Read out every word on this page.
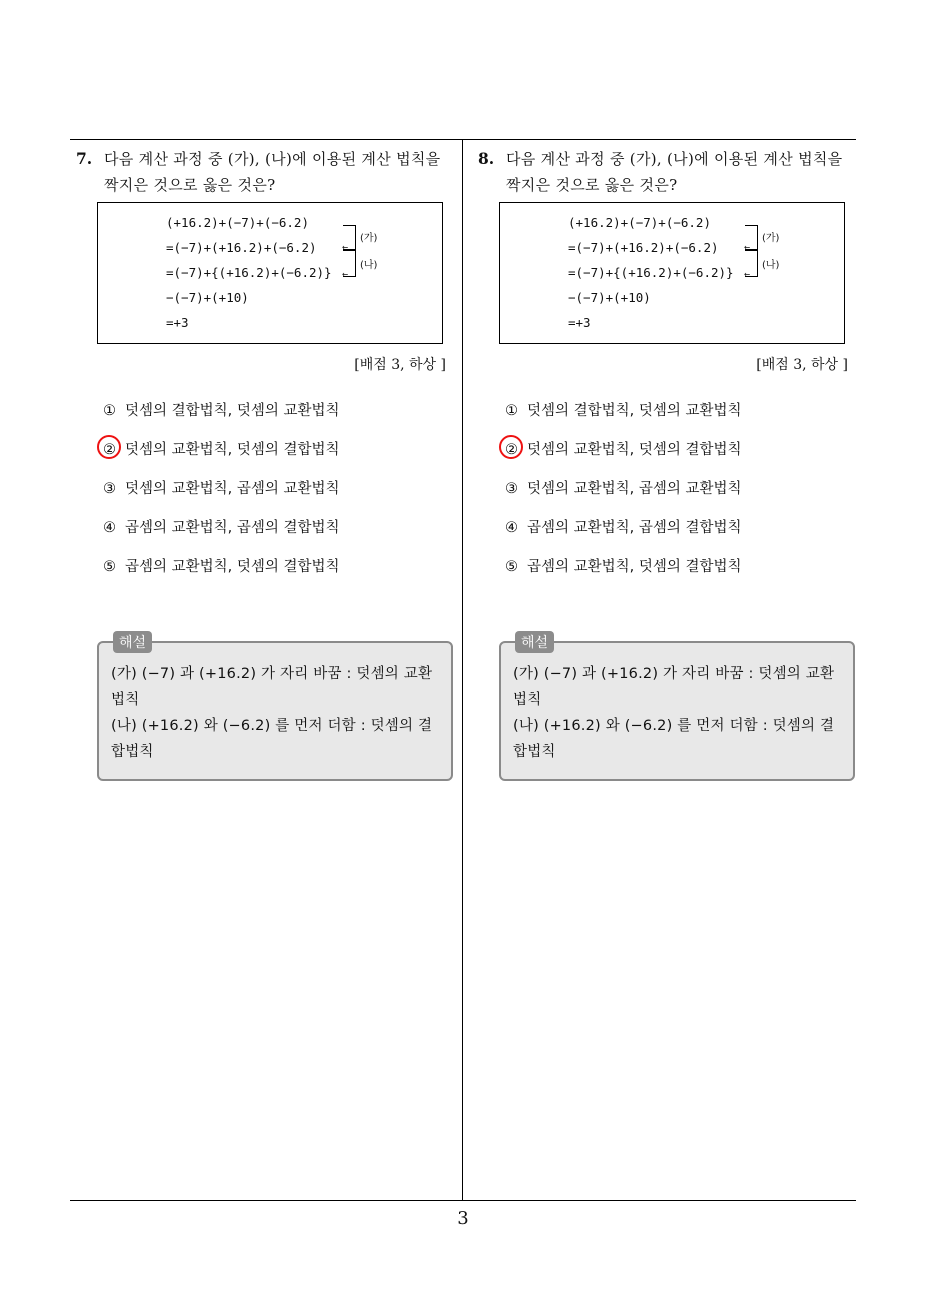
7. 다음 계산 과정 중 (가), (나)에 이용된 계산 법칙을
짝지은 것으로 옳은 것은?
(+16.2)+(−7)+(−6.2)
=(−7)+(+16.2)+(−6.2)
=(−7)+{(+16.2)+(−6.2)}
−(−7)+(+10)
=+3
←
←
(가)
(나)
[배점 3, 하상 ]
① 덧셈의 결합법칙, 덧셈의 교환법칙
② 덧셈의 교환법칙, 덧셈의 결합법칙
③ 덧셈의 교환법칙, 곱셈의 교환법칙
④ 곱셈의 교환법칙, 곱셈의 결합법칙
⑤ 곱셈의 교환법칙, 덧셈의 결합법칙
해설
(가) (−7) 과 (+16.2) 가 자리 바꿈 : 덧셈의 교환
법칙
(나) (+16.2) 와 (−6.2) 를 먼저 더함 : 덧셈의 결
합법칙
8. 다음 계산 과정 중 (가), (나)에 이용된 계산 법칙을
짝지은 것으로 옳은 것은?
(+16.2)+(−7)+(−6.2)
=(−7)+(+16.2)+(−6.2)
=(−7)+{(+16.2)+(−6.2)}
−(−7)+(+10)
=+3
←
←
(가)
(나)
[배점 3, 하상 ]
① 덧셈의 결합법칙, 덧셈의 교환법칙
② 덧셈의 교환법칙, 덧셈의 결합법칙
③ 덧셈의 교환법칙, 곱셈의 교환법칙
④ 곱셈의 교환법칙, 곱셈의 결합법칙
⑤ 곱셈의 교환법칙, 덧셈의 결합법칙
해설
(가) (−7) 과 (+16.2) 가 자리 바꿈 : 덧셈의 교환
법칙
(나) (+16.2) 와 (−6.2) 를 먼저 더함 : 덧셈의 결
합법칙
3
